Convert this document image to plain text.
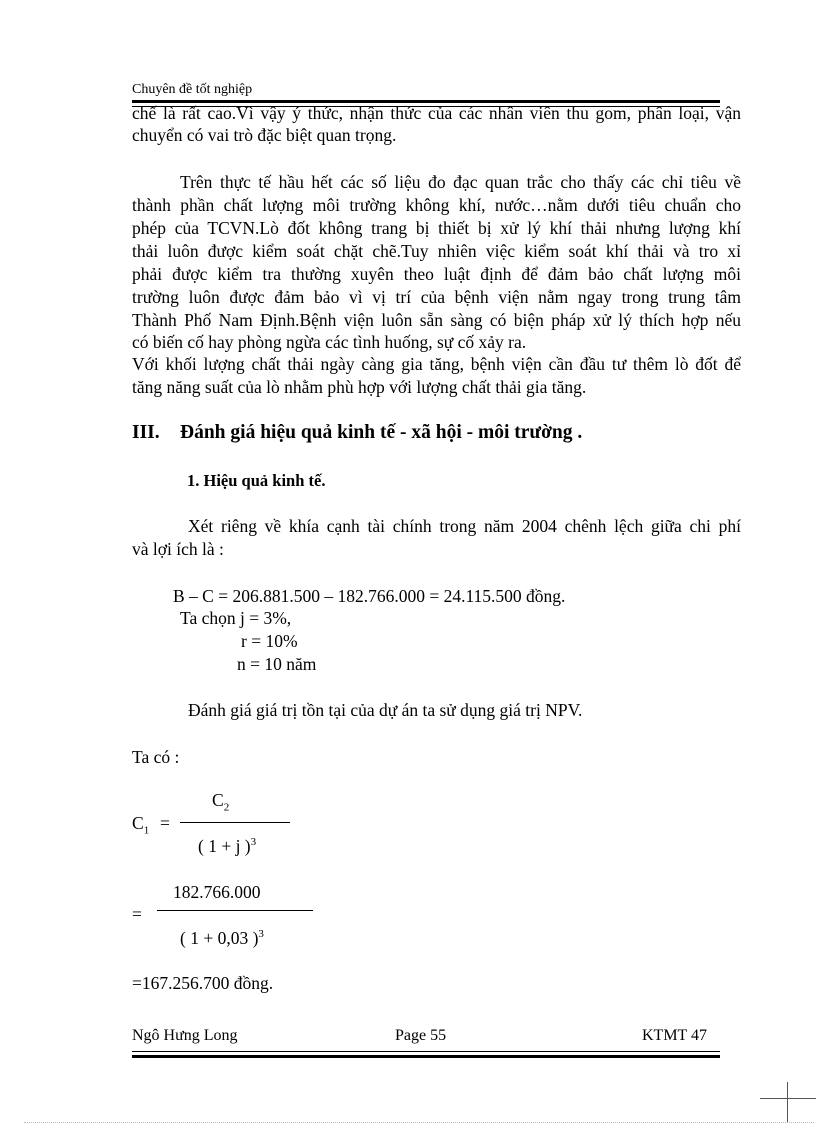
Chuyên đề tốt nghiệp
chế là rất cao.Vì vậy ý thức, nhận thức của các nhân viên thu gom, phân loại, vận
chuyển có vai trò đặc biệt quan trọng.
Trên thực tế hầu hết các số liệu đo đạc quan trắc cho thấy các chỉ tiêu về
thành phần chất lượng môi trường không khí, nước…nằm dưới tiêu chuẩn cho
phép của TCVN.Lò đốt không trang bị thiết bị xử lý khí thải nhưng lượng khí
thải luôn được kiểm soát chặt chẽ.Tuy nhiên việc kiểm soát khí thải và tro xỉ
phải được kiểm tra thường xuyên theo luật định để đảm bảo chất lượng môi
trường luôn được đảm bảo vì vị trí của bệnh viện nằm ngay trong trung tâm
Thành Phố Nam Định.Bệnh viện luôn sẵn sàng có biện pháp xử lý thích hợp nếu
có biến cố hay phòng ngừa các tình huống, sự cố xảy ra.
Với khối lượng chất thải ngày càng gia tăng, bệnh viện cần đầu tư thêm lò đốt để
tăng năng suất của lò nhằm phù hợp với lượng chất thải gia tăng.
III. Đánh giá hiệu quả kinh tế - xã hội - môi trường .
1. Hiệu quả kinh tế.
Xét riêng về khía cạnh tài chính trong năm 2004 chênh lệch giữa chi phí
và lợi ích là :
B – C = 206.881.500 – 182.766.000 = 24.115.500 đồng.
Ta chọn j = 3%,
r = 10%
n = 10 năm
Đánh giá giá trị tồn tại của dự án ta sử dụng giá trị NPV.
Ta có :
$C_1$ =
$C_2$
( 1 + j )$^3$
182.766.000
=
( 1 + 0,03 )$^3$
=167.256.700 đồng.
Ngô Hưng Long	Page 55	KTMT 47
